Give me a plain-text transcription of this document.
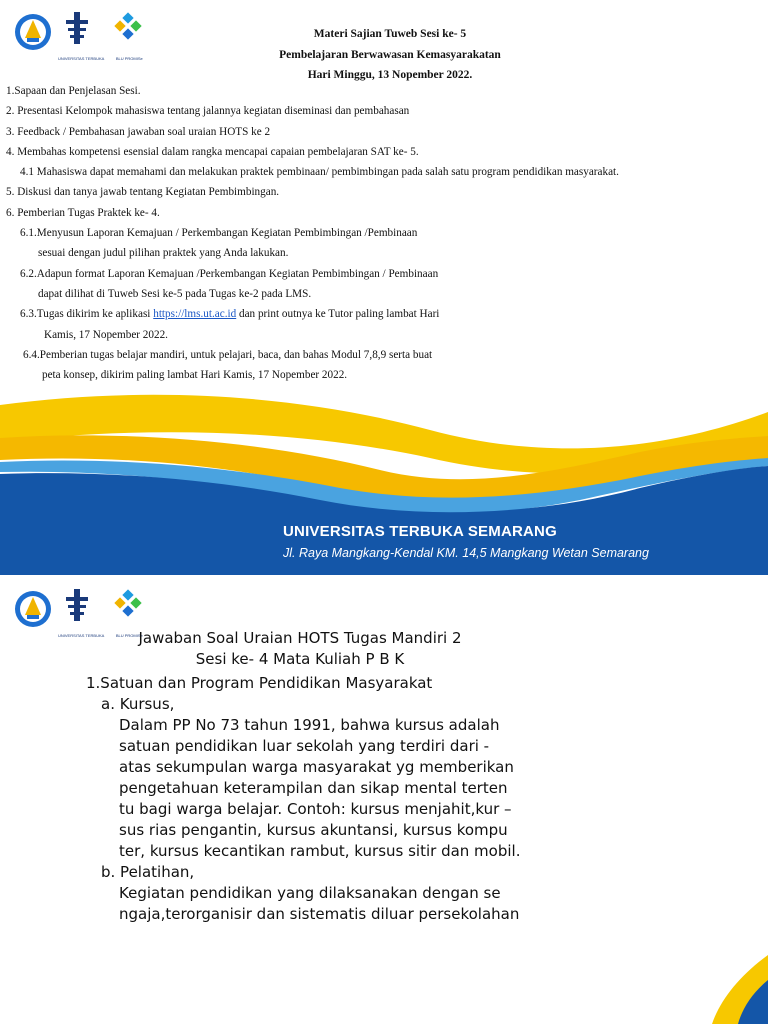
UNIVERSITAS TERBUKA	BLU PROMISe
Materi Sajian Tuweb Sesi ke- 5
Pembelajaran Berwawasan Kemasyarakatan
Hari Minggu, 13 Nopember 2022.
1.Sapaan dan Penjelasan Sesi.
2. Presentasi Kelompok mahasiswa tentang jalannya kegiatan diseminasi dan pembahasan
3. Feedback / Pembahasan jawaban soal uraian HOTS ke 2
4. Membahas kompetensi esensial dalam rangka mencapai capaian pembelajaran SAT ke- 5.
4.1 Mahasiswa dapat memahami dan melakukan praktek pembinaan/ pembimbingan pada salah satu program pendidikan masyarakat.
5. Diskusi dan tanya jawab tentang Kegiatan Pembimbingan.
6. Pemberian Tugas Praktek ke- 4.
6.1.Menyusun Laporan Kemajuan / Perkembangan Kegiatan Pembimbingan /Pembinaan
sesuai dengan judul pilihan praktek yang Anda lakukan.
6.2.Adapun format Laporan Kemajuan /Perkembangan Kegiatan Pembimbingan / Pembinaan
dapat dilihat di Tuweb Sesi ke-5 pada Tugas ke-2 pada LMS.
6.3.Tugas dikirim ke aplikasi https://lms.ut.ac.id dan print outnya ke Tutor paling lambat Hari
Kamis, 17 Nopember 2022.
6.4.Pemberian tugas belajar mandiri, untuk pelajari, baca, dan bahas Modul 7,8,9 serta buat
peta konsep, dikirim paling lambat Hari Kamis, 17 Nopember 2022.
UNIVERSITAS TERBUKA SEMARANG
Jl. Raya Mangkang-Kendal KM. 14,5 Mangkang Wetan Semarang
UNIVERSITAS TERBUKA	BLU PROMISe
Jawaban Soal Uraian HOTS Tugas Mandiri 2
Sesi ke- 4 Mata Kuliah P B K
1.Satuan dan Program Pendidikan Masyarakat
a. Kursus,
Dalam PP No 73 tahun 1991, bahwa kursus adalah
satuan pendidikan luar sekolah yang terdiri dari -
atas sekumpulan warga masyarakat yg memberikan
pengetahuan keterampilan dan sikap mental terten
tu bagi warga belajar. Contoh: kursus menjahit,kur –
sus rias pengantin, kursus akuntansi, kursus kompu
ter, kursus kecantikan rambut, kursus sitir dan mobil.
b. Pelatihan,
Kegiatan pendidikan yang dilaksanakan dengan se
ngaja,terorganisir dan sistematis diluar persekolahan
